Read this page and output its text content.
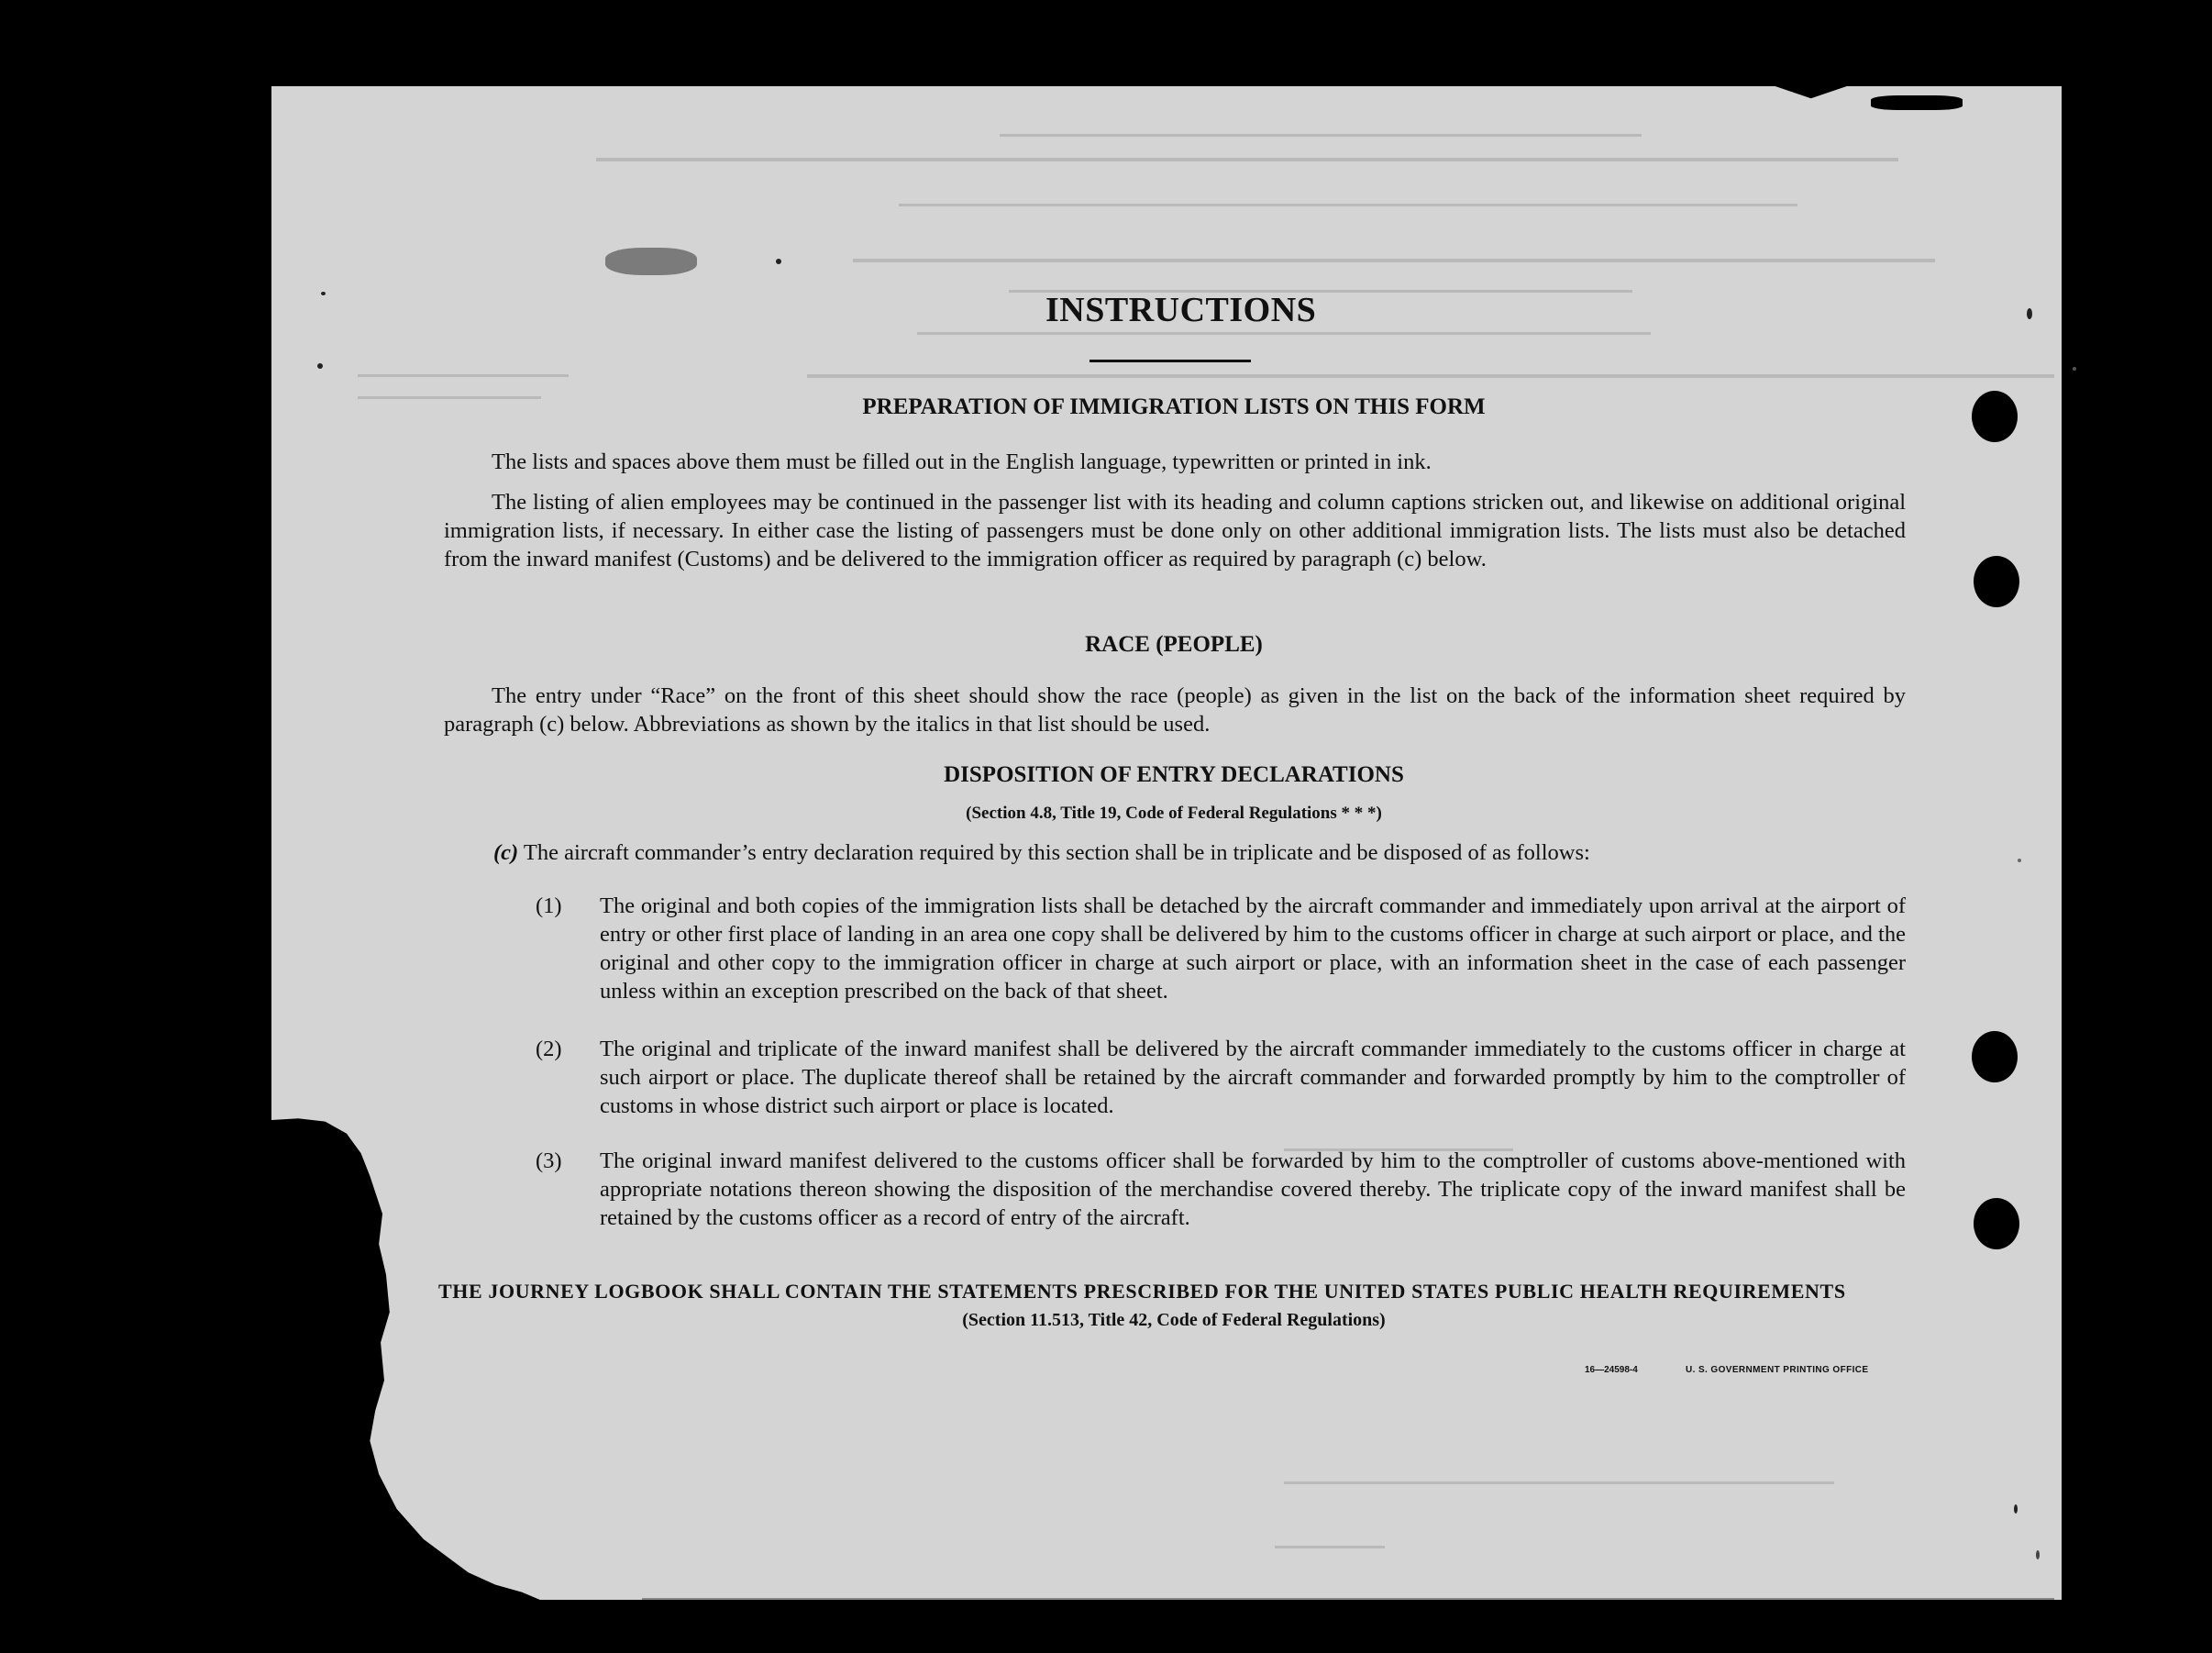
INSTRUCTIONS
PREPARATION OF IMMIGRATION LISTS ON THIS FORM

The lists and spaces above them must be filled out in the English language, typewritten or printed in ink.

The listing of alien employees may be continued in the passenger list with its heading and column captions stricken out, and likewise on additional original immigration lists, if necessary. In either case the listing of passengers must be done only on other additional immigration lists. The lists must also be detached from the inward manifest (Customs) and be delivered to the immigration officer as required by paragraph (c) below.

RACE (PEOPLE)

The entry under “Race” on the front of this sheet should show the race (people) as given in the list on the back of the information sheet required by paragraph (c) below. Abbreviations as shown by the italics in that list should be used.

DISPOSITION OF ENTRY DECLARATIONS

(Section 4.8, Title 19, Code of Federal Regulations * * *)

(c) The aircraft commander’s entry declaration required by this section shall be in triplicate and be disposed of as follows:
(1) The original and both copies of the immigration lists shall be detached by the aircraft commander and immediately upon arrival at the airport of entry or other first place of landing in an area one copy shall be delivered by him to the customs officer in charge at such airport or place, and the original and other copy to the immigration officer in charge at such airport or place, with an information sheet in the case of each passenger unless within an exception prescribed on the back of that sheet.
(2) The original and triplicate of the inward manifest shall be delivered by the aircraft commander immediately to the customs officer in charge at such airport or place. The duplicate thereof shall be retained by the aircraft commander and forwarded promptly by him to the comptroller of customs in whose district such airport or place is located.
(3) The original inward manifest delivered to the customs officer shall be forwarded by him to the comptroller of customs above-mentioned with appropriate notations thereon showing the disposition of the merchandise covered thereby. The triplicate copy of the inward manifest shall be retained by the customs officer as a record of entry of the aircraft.

THE JOURNEY LOGBOOK SHALL CONTAIN THE STATEMENTS PRESCRIBED FOR THE UNITED STATES PUBLIC HEALTH REQUIREMENTS

(Section 11.513, Title 42, Code of Federal Regulations)

16—24598-4	U. S. GOVERNMENT PRINTING OFFICE
